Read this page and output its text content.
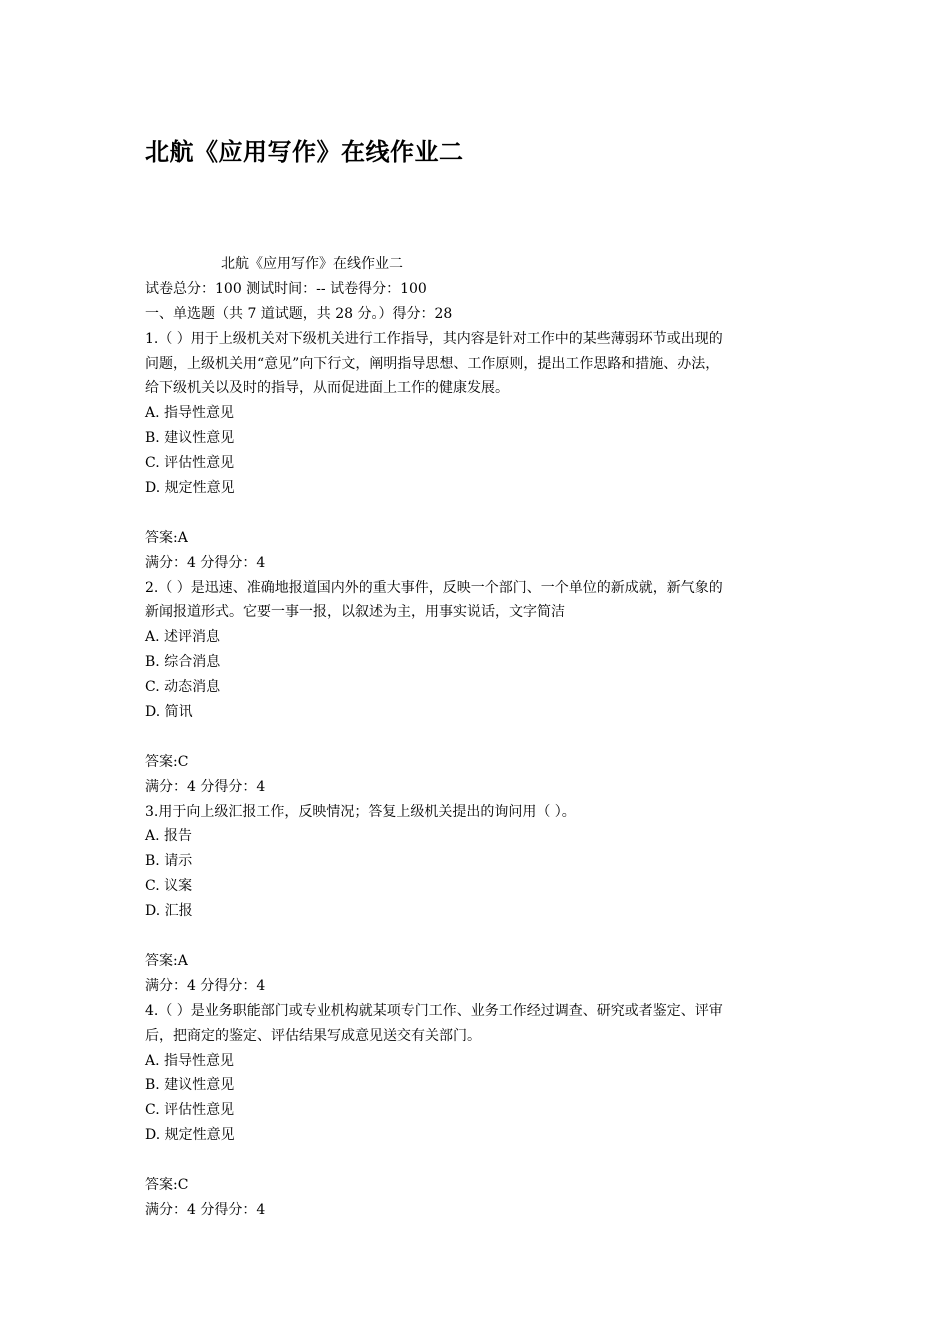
北航《应用写作》在线作业二
北航《应用写作》在线作业二
试卷总分：100 测试时间：-- 试卷得分：100
一、单选题（共 7 道试题，共 28 分。）得分：28
1.（ ）用于上级机关对下级机关进行工作指导，其内容是针对工作中的某些薄弱环节或出现的
问题，上级机关用“意见”向下行文，阐明指导思想、工作原则，提出工作思路和措施、办法，
给下级机关以及时的指导，从而促进面上工作的健康发展。
A. 指导性意见
B. 建议性意见
C. 评估性意见
D. 规定性意见
答案:A
满分：4 分得分：4
2.（ ）是迅速、准确地报道国内外的重大事件，反映一个部门、一个单位的新成就，新气象的
新闻报道形式。它要一事一报，以叙述为主，用事实说话，文字简洁
A. 述评消息
B. 综合消息
C. 动态消息
D. 简讯
答案:C
满分：4 分得分：4
3.用于向上级汇报工作，反映情况；答复上级机关提出的询问用（ ）。
A. 报告
B. 请示
C. 议案
D. 汇报
答案:A
满分：4 分得分：4
4.（ ）是业务职能部门或专业机构就某项专门工作、业务工作经过调查、研究或者鉴定、评审
后，把商定的鉴定、评估结果写成意见送交有关部门。
A. 指导性意见
B. 建议性意见
C. 评估性意见
D. 规定性意见
答案:C
满分：4 分得分：4
